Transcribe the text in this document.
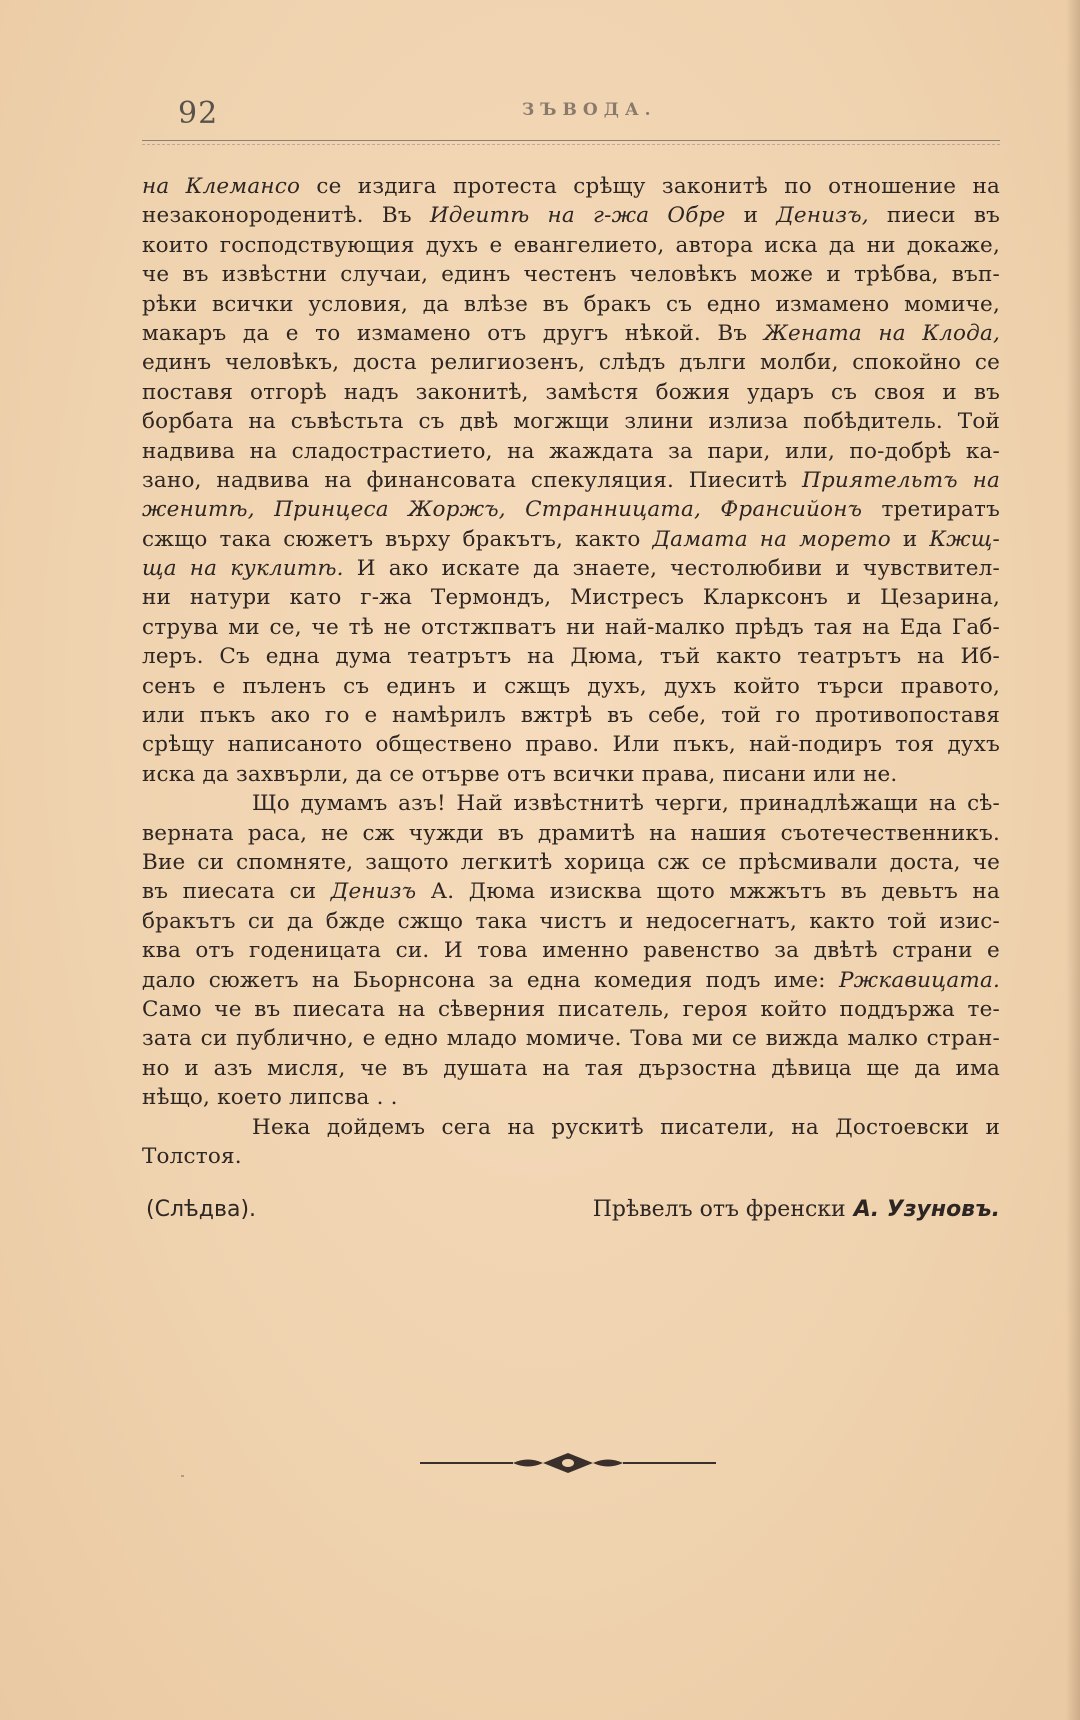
92	ЗЪВОДА.
на Клемансо се издига протеста срѣщу законитѣ по отношение на
незаконороденитѣ. Въ Идеитѣ на г-жа Обре и Денизъ, пиеси въ
които господствующия духъ е евангелието, автора иска да ни докаже,
че въ извѣстни случаи, единъ честенъ человѣкъ може и трѣбва, въп-
рѣки всички условия, да влѣзе въ бракъ съ едно измамено момиче,
макаръ да е то измамено отъ другъ нѣкой. Въ Жената на Клода,
единъ человѣкъ, доста религиозенъ, слѣдъ дълги молби, спокойно се
поставя отгорѣ надъ законитѣ, замѣстя божия ударъ съ своя и въ
борбата на съвѣстьта съ двѣ могжщи злини излиза побѣдитель. Той
надвива на сладострастието, на жаждата за пари, или, по-добрѣ ка-
зано, надвива на финансовата спекуляция. Пиеситѣ Приятельтъ на
женитѣ, Принцеса Жоржъ, Странницата, Франсийонъ третиратъ
сжщо така сюжетъ върху бракътъ, както Дамата на морето и Кжщ-
ща на куклитѣ. И ако искате да знаете, честолюбиви и чувствител-
ни натури като г-жа Термондъ, Мистресъ Кларксонъ и Цезарина,
струва ми се, че тѣ не отстжпватъ ни най-малко прѣдъ тая на Еда Габ-
леръ. Съ една дума театрътъ на Дюма, тъй както театрътъ на Иб-
сенъ е пъленъ съ единъ и сжщъ духъ, духъ който търси правото,
или пъкъ ако го е намѣрилъ вжтрѣ въ себе, той го противопоставя
срѣщу написаното обществено право. Или пъкъ, най-подиръ тоя духъ
иска да захвърли, да се отърве отъ всички права, писани или не.
Що думамъ азъ! Най извѣстнитѣ черги, принадлѣжащи на сѣ-
верната раса, не сж чужди въ драмитѣ на нашия съотечественникъ.
Вие си спомняте, защото легкитѣ хорица сж се прѣсмивали доста, че
въ пиесата си Денизъ А. Дюма изисква щото мжжътъ въ девьтъ на
бракътъ си да бжде сжщо така чистъ и недосегнатъ, както той изис-
ква отъ годеницата си. И това именно равенство за двѣтѣ страни е
дало сюжетъ на Бьорнсона за една комедия подъ име: Ржкавицата.
Само че въ пиесата на сѣверния писатель, героя който поддържа те-
зата си публично, е едно младо момиче. Това ми се вижда малко стран-
но и азъ мисля, че въ душата на тая дързостна дѣвица ще да има
нѣщо, което липсва . .
Нека дойдемъ сега на рускитѣ писатели, на Достоевски и
Толстоя.
(Слѣдва).	Прѣвелъ отъ френски А. Узуновъ.
